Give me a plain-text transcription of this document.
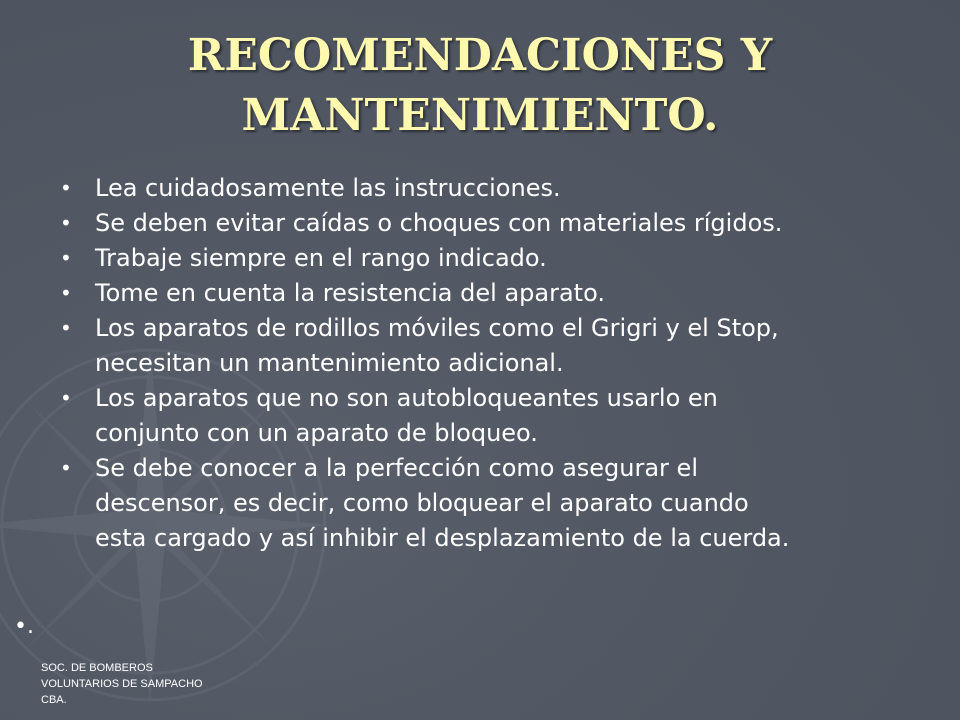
RECOMENDACIONES Y
MANTENIMIENTO.
• Lea cuidadosamente las instrucciones.
• Se deben evitar caídas o choques con materiales rígidos.
• Trabaje siempre en el rango indicado.
• Tome en cuenta la resistencia del aparato.
• Los aparatos de rodillos móviles como el Grigri y el Stop,
necesitan un mantenimiento adicional.
• Los aparatos que no son autobloqueantes usarlo en
conjunto con un aparato de bloqueo.
• Se debe conocer a la perfección como asegurar el
descensor, es decir, como bloquear el aparato cuando
esta cargado y así inhibir el desplazamiento de la cuerda.
•.
SOC. DE BOMBEROS
VOLUNTARIOS DE SAMPACHO
CBA.
